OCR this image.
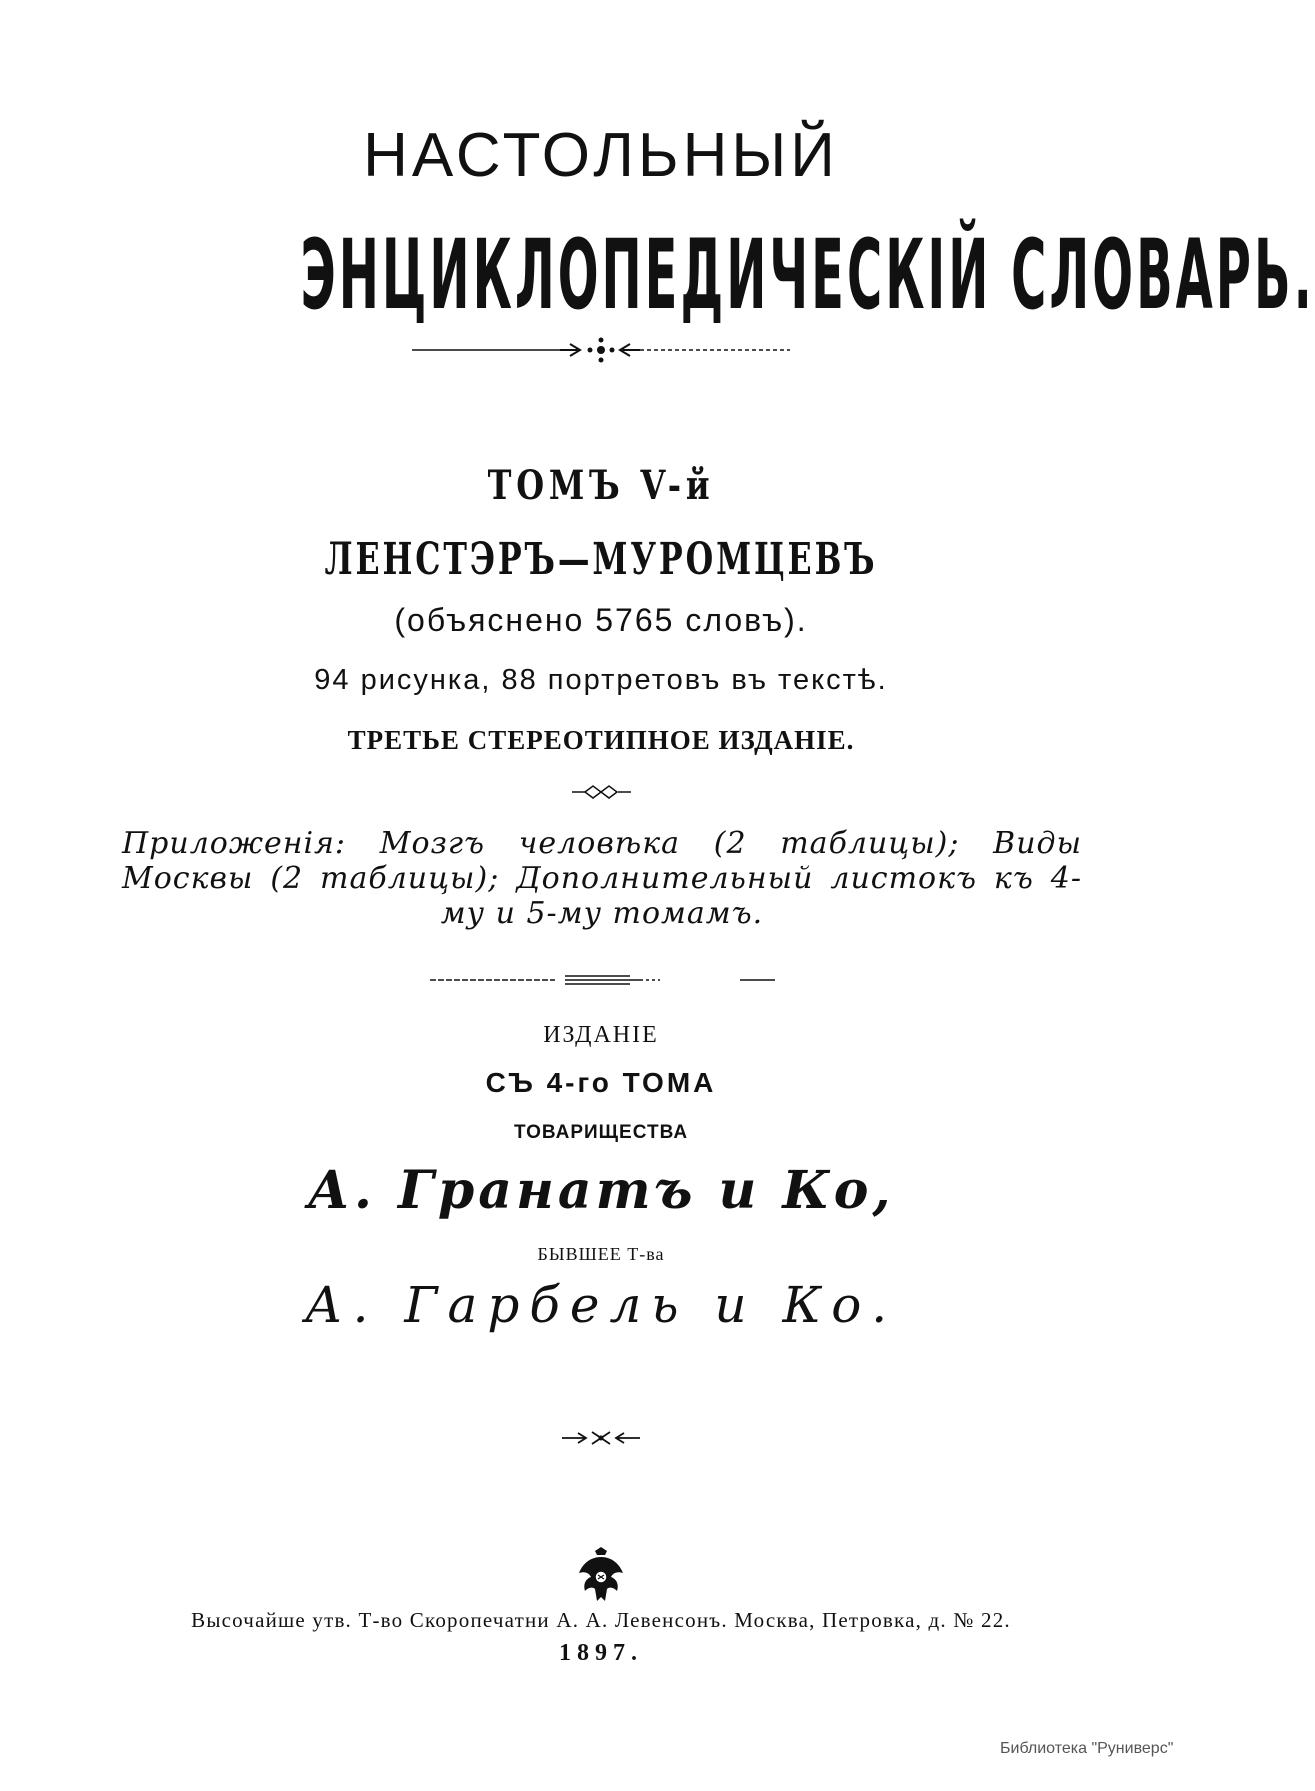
НАСТОЛЬНЫЙ
ЭНЦИКЛОПЕДИЧЕСКІЙ СЛОВАРЬ.
ТОМЪ V-й
ЛЕНСТЭРЪ—МУРОМЦЕВЪ
(объяснено 5765 словъ).
94 рисунка, 88 портретовъ въ текстѣ.
ТРЕТЬЕ СТЕРЕОТИПНОЕ ИЗДАНІЕ.
Приложенія: Мозгъ человѣка (2 таблицы); Виды Москвы (2 таблицы); Дополнительный листокъ къ 4-му и 5-му томамъ.
ИЗДАНІЕ
СЪ 4-го ТОМА
ТОВАРИЩЕСТВА
А. Гранатъ и Ко,
БЫВШЕЕ Т-ва
А. Гарбель и Ко.
Высочайше утв. Т-во Скоропечатни А. А. Левенсонъ. Москва, Петровка, д. № 22.
1897.
Библиотека "Руниверс"
